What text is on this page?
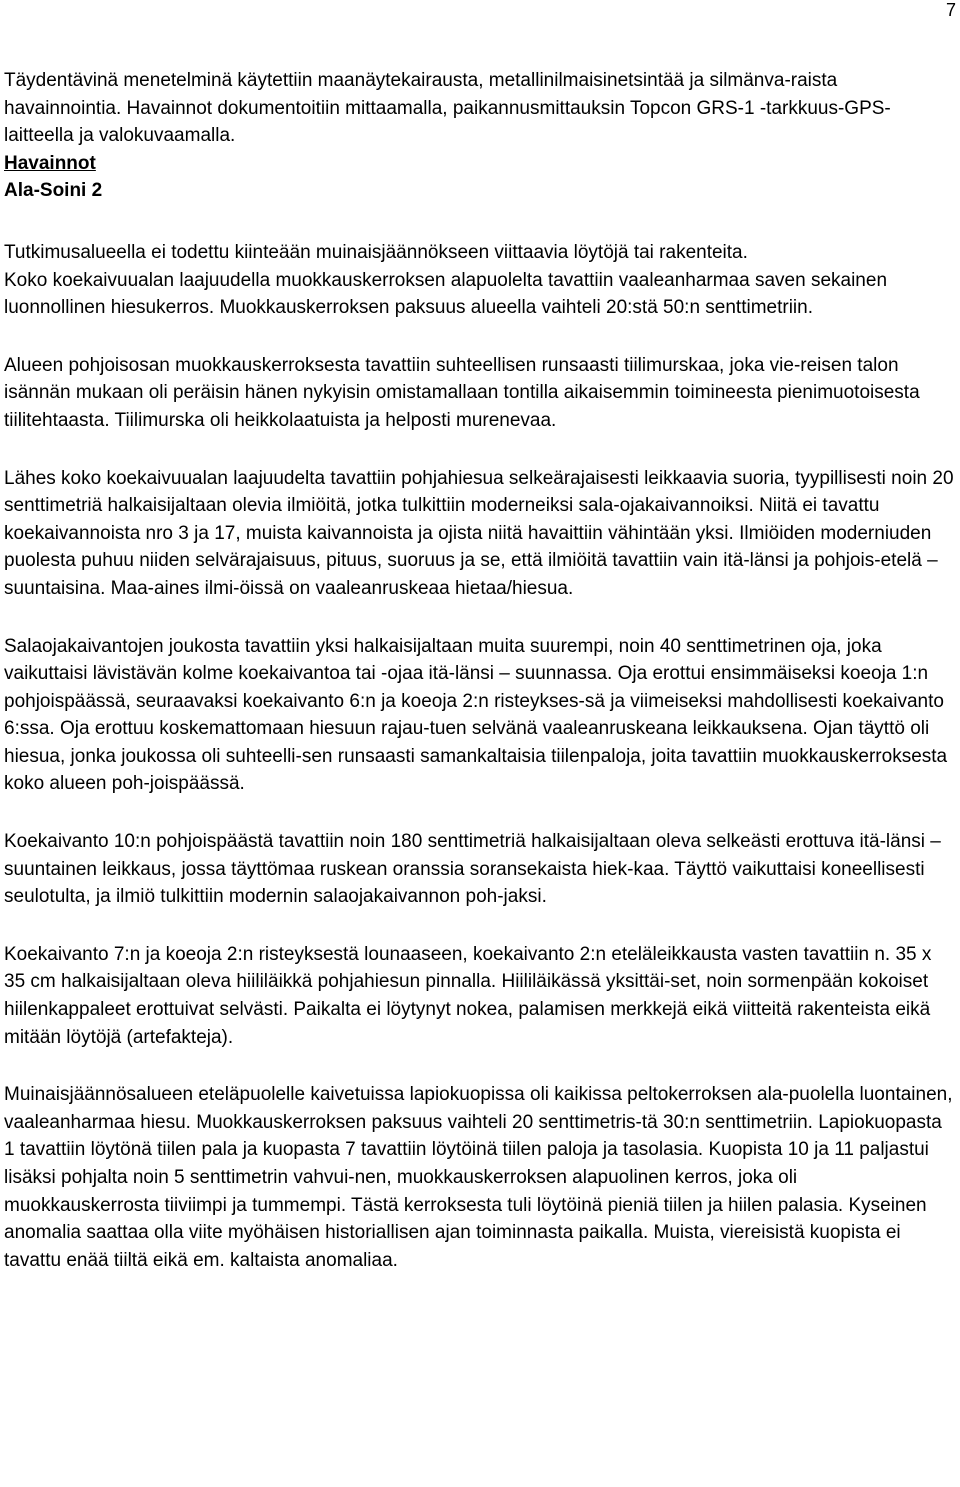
7

Täydentävinä menetelminä käytettiin maanäytekairausta, metallinilmaisinetsintää ja silmänva-raista havainnointia. Havainnot dokumentoitiin mittaamalla, paikannusmittauksin Topcon GRS-1 -tarkkuus-GPS-laitteella ja valokuvaamalla.

Havainnot
Ala-Soini 2

Tutkimusalueella ei todettu kiinteään muinaisjäännökseen viittaavia löytöjä tai rakenteita.

Koko koekaivuualan laajuudella muokkauskerroksen alapuolelta tavattiin vaaleanharmaa saven sekainen luonnollinen hiesukerros. Muokkauskerroksen paksuus alueella vaihteli 20:stä 50:n senttimetriin.

Alueen pohjoisosan muokkauskerroksesta tavattiin suhteellisen runsaasti tiilimurskaa, joka vie-reisen talon isännän mukaan oli peräisin hänen nykyisin omistamallaan tontilla aikaisemmin toimineesta pienimuotoisesta tiilitehtaasta. Tiilimurska oli heikkolaatuista ja helposti murenevaa.

Lähes koko koekaivuualan laajuudelta tavattiin pohjahiesua selkeärajaisesti leikkaavia suoria, tyypillisesti noin 20 senttimetriä halkaisijaltaan olevia ilmiöitä, jotka tulkittiin moderneiksi sala-ojakaivannoiksi. Niitä ei tavattu koekaivannoista nro 3 ja 17, muista kaivannoista ja ojista niitä havaittiin vähintään yksi. Ilmiöiden moderniuden puolesta puhuu niiden selvärajaisuus, pituus, suoruus ja se, että ilmiöitä tavattiin vain itä-länsi ja pohjois-etelä – suuntaisina. Maa-aines ilmi-öissä on vaaleanruskeaa hietaa/hiesua.

Salaojakaivantojen joukosta tavattiin yksi halkaisijaltaan muita suurempi, noin 40 senttimetrinen oja, joka vaikuttaisi lävistävän kolme koekaivantoa tai -ojaa itä-länsi – suunnassa. Oja erottui ensimmäiseksi koeoja 1:n pohjoispäässä, seuraavaksi koekaivanto 6:n ja koeoja 2:n risteykses-sä ja viimeiseksi mahdollisesti koekaivanto 6:ssa. Oja erottuu koskemattomaan hiesuun rajau-tuen selvänä vaaleanruskeana leikkauksena. Ojan täyttö oli hiesua, jonka joukossa oli suhteelli-sen runsaasti samankaltaisia tiilenpaloja, joita tavattiin muokkauskerroksesta koko alueen poh-joispäässä.

Koekaivanto 10:n pohjoispäästä tavattiin noin 180 senttimetriä halkaisijaltaan oleva selkeästi erottuva itä-länsi – suuntainen leikkaus, jossa täyttömaa ruskean oranssia soransekaista hiek-kaa. Täyttö vaikuttaisi koneellisesti seulotulta, ja ilmiö tulkittiin modernin salaojakaivannon poh-jaksi.

Koekaivanto 7:n ja koeoja 2:n risteyksestä lounaaseen, koekaivanto 2:n eteläleikkausta vasten tavattiin n. 35 x 35 cm halkaisijaltaan oleva hiililäikkä pohjahiesun pinnalla. Hiililäikässä yksittäi-set, noin sormenpään kokoiset hiilenkappaleet erottuivat selvästi. Paikalta ei löytynyt nokea, palamisen merkkejä eikä viitteitä rakenteista eikä mitään löytöjä (artefakteja).

Muinaisjäännösalueen eteläpuolelle kaivetuissa lapiokuopissa oli kaikissa peltokerroksen ala-puolella luontainen, vaaleanharmaa hiesu. Muokkauskerroksen paksuus vaihteli 20 senttimetris-tä 30:n senttimetriin. Lapiokuopasta 1 tavattiin löytönä tiilen pala ja kuopasta 7 tavattiin löytöinä tiilen paloja ja tasolasia. Kuopista 10 ja 11 paljastui lisäksi pohjalta noin 5 senttimetrin vahvui-nen, muokkauskerroksen alapuolinen kerros, joka oli muokkauskerrosta tiiviimpi ja tummempi. Tästä kerroksesta tuli löytöinä pieniä tiilen ja hiilen palasia. Kyseinen anomalia saattaa olla viite myöhäisen historiallisen ajan toiminnasta paikalla. Muista, viereisistä kuopista ei tavattu enää tiiltä eikä em. kaltaista anomaliaa.
